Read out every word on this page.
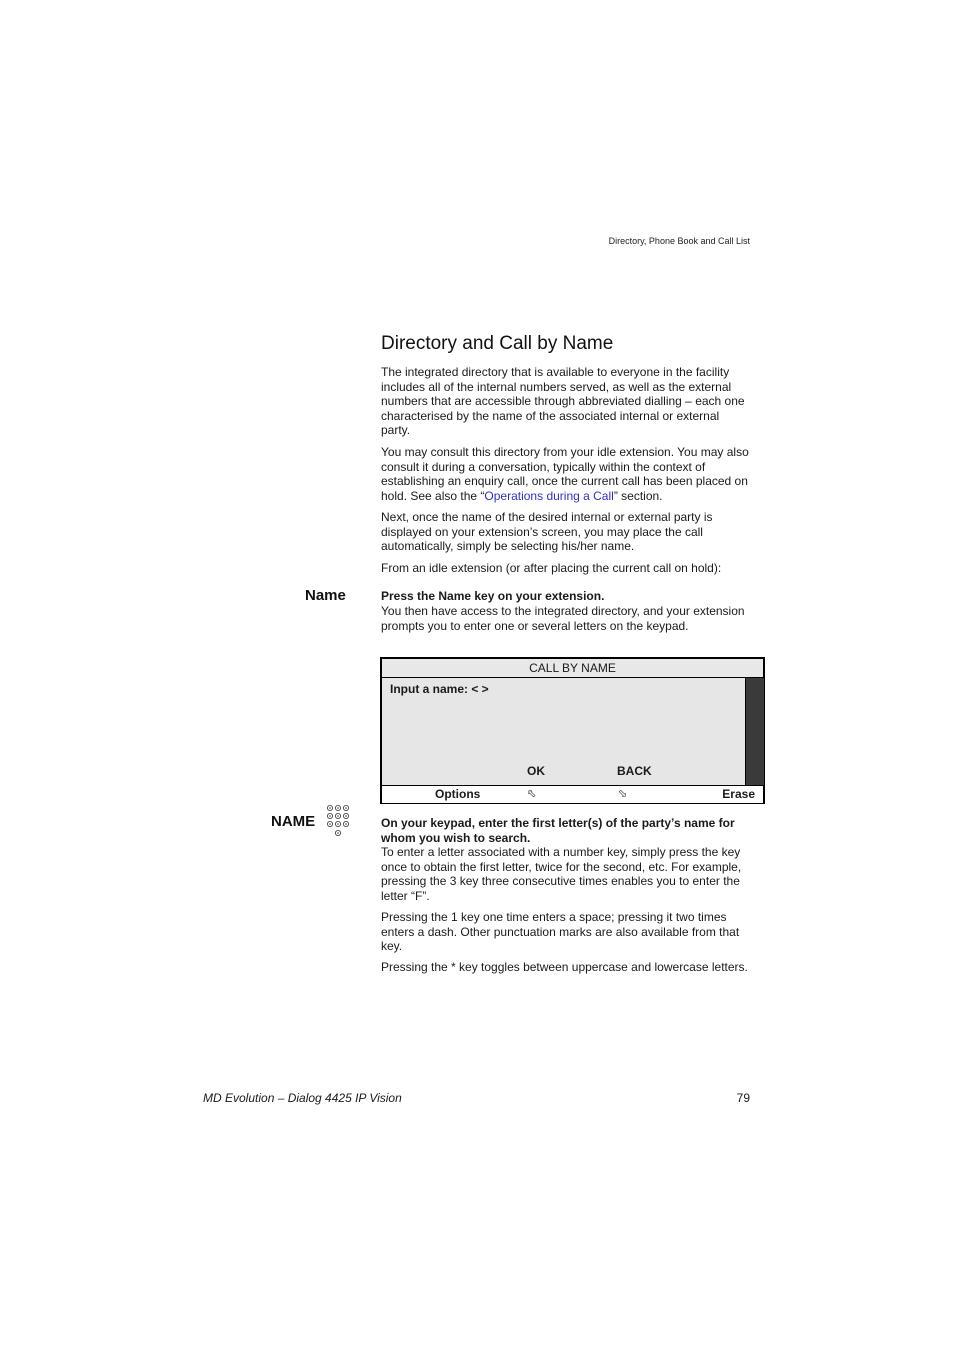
Directory, Phone Book and Call List
Directory and Call by Name

The integrated directory that is available to everyone in the facility includes all of the internal numbers served, as well as the external numbers that are accessible through abbreviated dialling – each one characterised by the name of the associated internal or external party.

You may consult this directory from your idle extension. You may also consult it during a conversation, typically within the context of establishing an enquiry call, once the current call has been placed on hold. See also the “Operations during a Call” section.

Next, once the name of the desired internal or external party is displayed on your extension’s screen, you may place the call automatically, simply be selecting his/her name.

From an idle extension (or after placing the current call on hold):

Name	Press the Name key on your extension.

You then have access to the integrated directory, and your extension prompts you to enter one or several letters on the keypad.

CALL BY NAME
Input a name: < >
OK	BACK
Options	⬁	⬂	Erase
NAME	On your keypad, enter the first letter(s) of the party’s name for whom you wish to search.

To enter a letter associated with a number key, simply press the key once to obtain the first letter, twice for the second, etc. For example, pressing the 3 key three consecutive times enables you to enter the letter “F”.

Pressing the 1 key one time enters a space; pressing it two times enters a dash. Other punctuation marks are also available from that key.

Pressing the * key toggles between uppercase and lowercase letters.

MD Evolution – Dialog 4425 IP Vision	79
